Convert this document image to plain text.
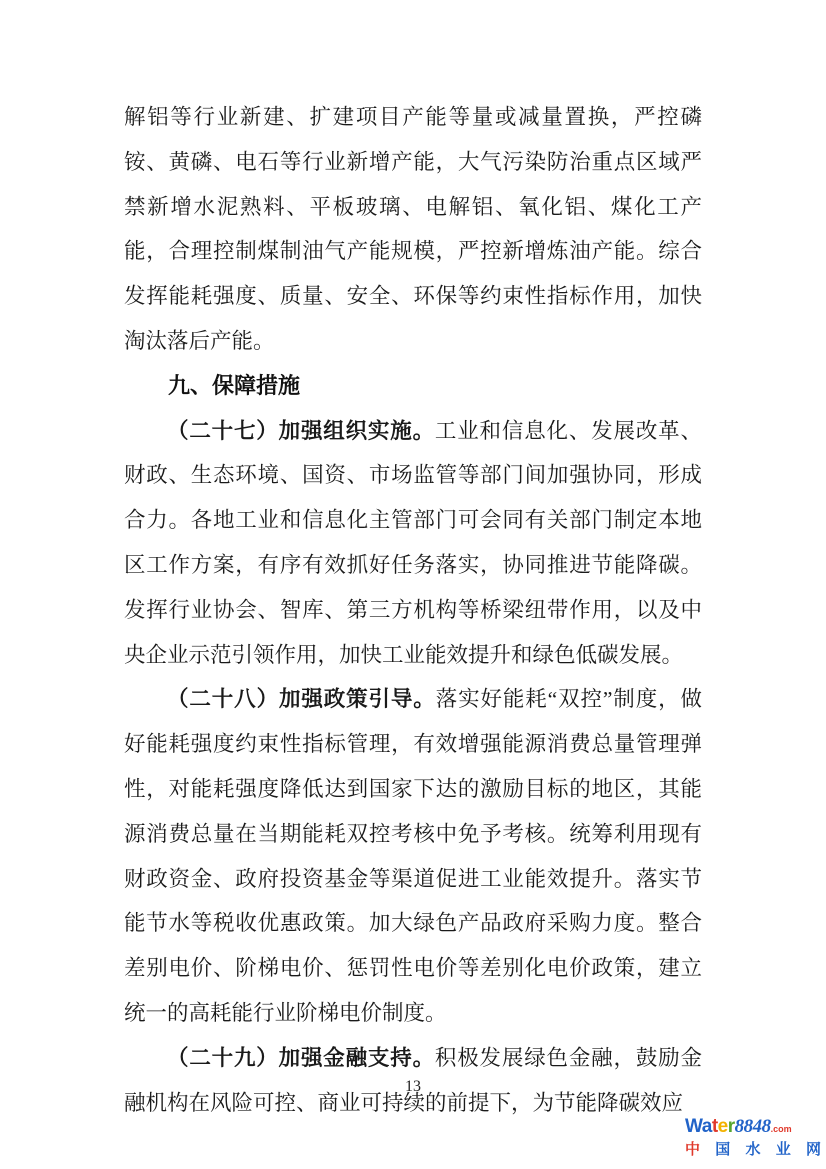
解铝等行业新建、扩建项目产能等量或减量置换，严控磷铵、黄磷、电石等行业新增产能，大气污染防治重点区域严禁新增水泥熟料、平板玻璃、电解铝、氧化铝、煤化工产能，合理控制煤制油气产能规模，严控新增炼油产能。综合发挥能耗强度、质量、安全、环保等约束性指标作用，加快淘汰落后产能。

九、保障措施

（二十七）加强组织实施。工业和信息化、发展改革、财政、生态环境、国资、市场监管等部门间加强协同，形成合力。各地工业和信息化主管部门可会同有关部门制定本地区工作方案，有序有效抓好任务落实，协同推进节能降碳。发挥行业协会、智库、第三方机构等桥梁纽带作用，以及中央企业示范引领作用，加快工业能效提升和绿色低碳发展。

（二十八）加强政策引导。落实好能耗“双控”制度，做好能耗强度约束性指标管理，有效增强能源消费总量管理弹性，对能耗强度降低达到国家下达的激励目标的地区，其能源消费总量在当期能耗双控考核中免予考核。统筹利用现有财政资金、政府投资基金等渠道促进工业能效提升。落实节能节水等税收优惠政策。加大绿色产品政府采购力度。整合差别电价、阶梯电价、惩罚性电价等差别化电价政策，建立统一的高耗能行业阶梯电价制度。

（二十九）加强金融支持。积极发展绿色金融，鼓励金融机构在风险可控、商业可持续的前提下，为节能降碳效应

13
Water8848.com
中 国 水 业 网
